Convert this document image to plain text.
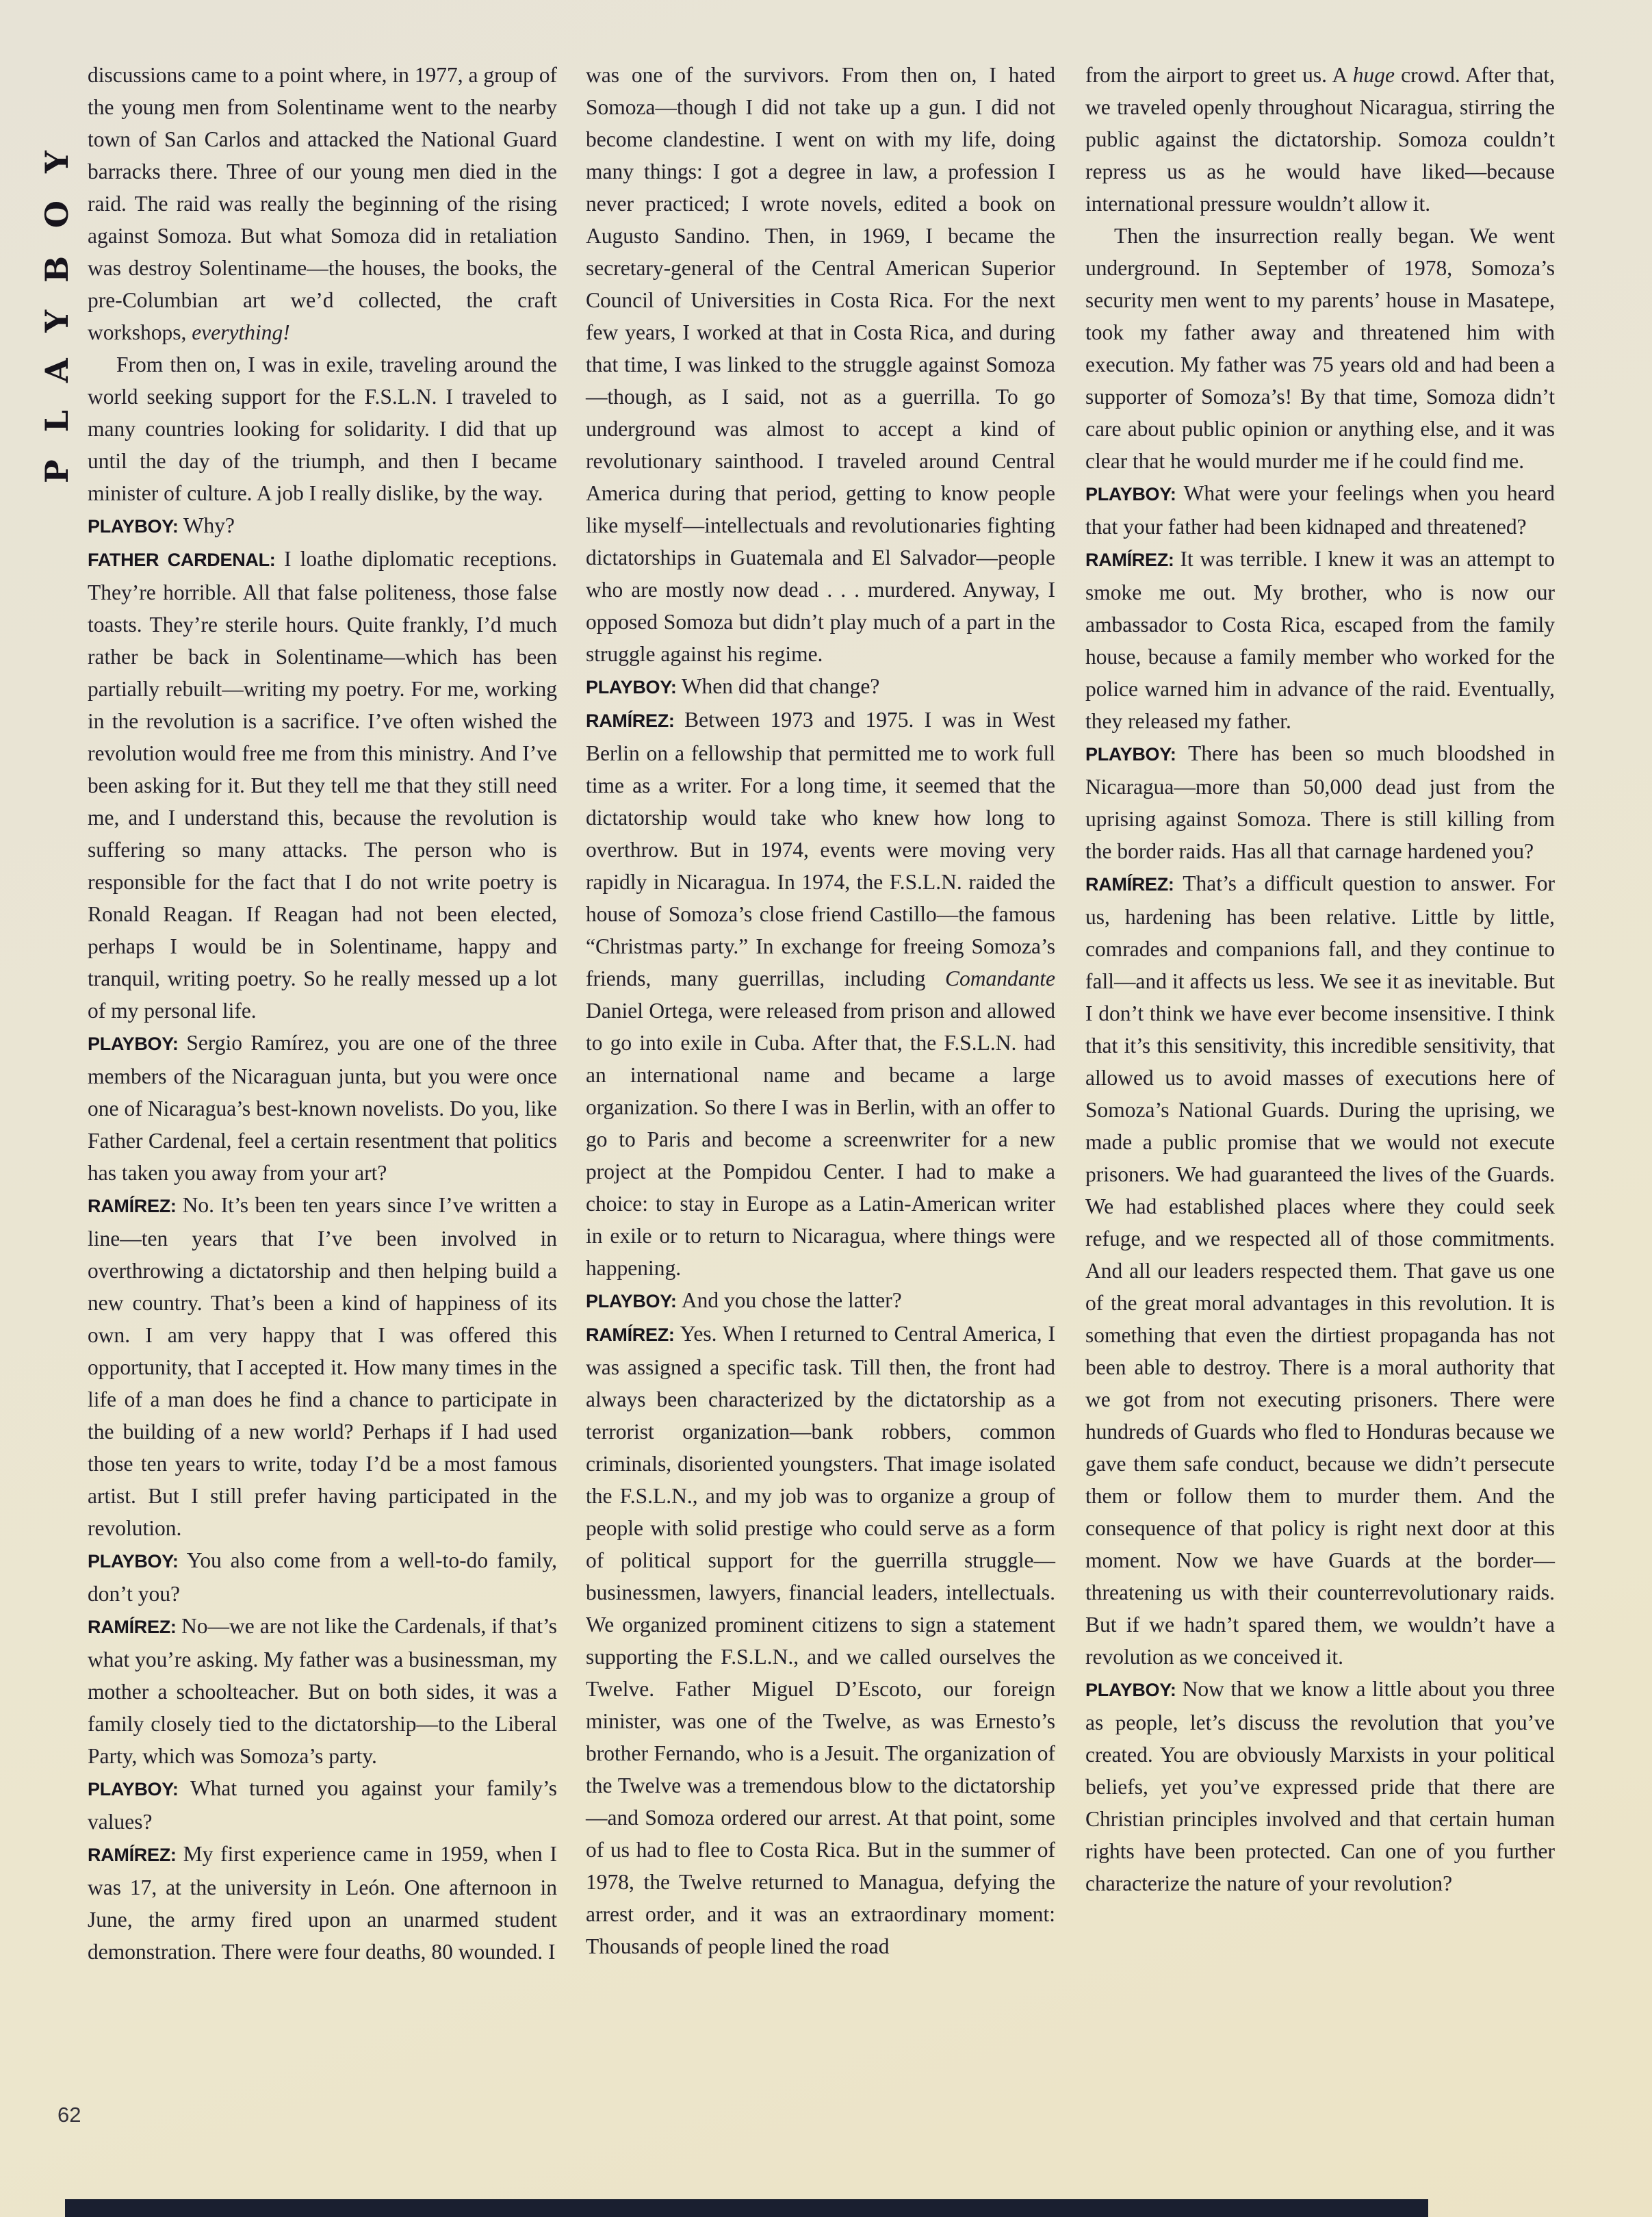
PLAYBOY

discussions came to a point where, in 1977, a group of the young men from Solentiname went to the nearby town of San Carlos and attacked the National Guard barracks there. Three of our young men died in the raid. The raid was really the beginning of the rising against Somoza. But what Somoza did in retaliation was destroy Solentiname—the houses, the books, the pre-Columbian art we’d collected, the craft workshops, everything!

From then on, I was in exile, traveling around the world seeking support for the F.S.L.N. I traveled to many countries looking for solidarity. I did that up until the day of the triumph, and then I became minister of culture. A job I really dislike, by the way.

PLAYBOY: Why?

FATHER CARDENAL: I loathe diplomatic receptions. They’re horrible. All that false politeness, those false toasts. They’re sterile hours. Quite frankly, I’d much rather be back in Solentiname—which has been partially rebuilt—writing my poetry. For me, working in the revolution is a sacrifice. I’ve often wished the revolution would free me from this ministry. And I’ve been asking for it. But they tell me that they still need me, and I understand this, because the revolution is suffering so many attacks. The person who is responsible for the fact that I do not write poetry is Ronald Reagan. If Reagan had not been elected, perhaps I would be in Solentiname, happy and tranquil, writing poetry. So he really messed up a lot of my personal life.

PLAYBOY: Sergio Ramírez, you are one of the three members of the Nicaraguan junta, but you were once one of Nicaragua’s best-known novelists. Do you, like Father Cardenal, feel a certain resentment that politics has taken you away from your art?

RAMÍREZ: No. It’s been ten years since I’ve written a line—ten years that I’ve been involved in overthrowing a dictatorship and then helping build a new country. That’s been a kind of happiness of its own. I am very happy that I was offered this opportunity, that I accepted it. How many times in the life of a man does he find a chance to participate in the building of a new world? Perhaps if I had used those ten years to write, today I’d be a most famous artist. But I still prefer having participated in the revolution.

PLAYBOY: You also come from a well-to-do family, don’t you?

RAMÍREZ: No—we are not like the Cardenals, if that’s what you’re asking. My father was a businessman, my mother a schoolteacher. But on both sides, it was a family closely tied to the dictatorship—to the Liberal Party, which was Somoza’s party.

PLAYBOY: What turned you against your family’s values?

RAMÍREZ: My first experience came in 1959, when I was 17, at the university in León. One afternoon in June, the army fired upon an unarmed student demonstration. There were four deaths, 80 wounded. I

was one of the survivors. From then on, I hated Somoza—though I did not take up a gun. I did not become clandestine. I went on with my life, doing many things: I got a degree in law, a profession I never practiced; I wrote novels, edited a book on Augusto Sandino. Then, in 1969, I became the secretary-general of the Central American Superior Council of Universities in Costa Rica. For the next few years, I worked at that in Costa Rica, and during that time, I was linked to the struggle against Somoza—though, as I said, not as a guerrilla. To go underground was almost to accept a kind of revolutionary sainthood. I traveled around Central America during that period, getting to know people like myself—intellectuals and revolutionaries fighting dictatorships in Guatemala and El Salvador—people who are mostly now dead . . . murdered. Anyway, I opposed Somoza but didn’t play much of a part in the struggle against his regime.

PLAYBOY: When did that change?

RAMÍREZ: Between 1973 and 1975. I was in West Berlin on a fellowship that permitted me to work full time as a writer. For a long time, it seemed that the dictatorship would take who knew how long to overthrow. But in 1974, events were moving very rapidly in Nicaragua. In 1974, the F.S.L.N. raided the house of Somoza’s close friend Castillo—the famous “Christmas party.” In exchange for freeing Somoza’s friends, many guerrillas, including Comandante Daniel Ortega, were released from prison and allowed to go into exile in Cuba. After that, the F.S.L.N. had an international name and became a large organization. So there I was in Berlin, with an offer to go to Paris and become a screenwriter for a new project at the Pompidou Center. I had to make a choice: to stay in Europe as a Latin-American writer in exile or to return to Nicaragua, where things were happening.

PLAYBOY: And you chose the latter?

RAMÍREZ: Yes. When I returned to Central America, I was assigned a specific task. Till then, the front had always been characterized by the dictatorship as a terrorist organization—bank robbers, common criminals, disoriented youngsters. That image isolated the F.S.L.N., and my job was to organize a group of people with solid prestige who could serve as a form of political support for the guerrilla struggle—businessmen, lawyers, financial leaders, intellectuals. We organized prominent citizens to sign a statement supporting the F.S.L.N., and we called ourselves the Twelve. Father Miguel D’Escoto, our foreign minister, was one of the Twelve, as was Ernesto’s brother Fernando, who is a Jesuit. The organization of the Twelve was a tremendous blow to the dictatorship—and Somoza ordered our arrest. At that point, some of us had to flee to Costa Rica. But in the summer of 1978, the Twelve returned to Managua, defying the arrest order, and it was an extraordinary moment: Thousands of people lined the road

from the airport to greet us. A huge crowd. After that, we traveled openly throughout Nicaragua, stirring the public against the dictatorship. Somoza couldn’t repress us as he would have liked—because international pressure wouldn’t allow it.

Then the insurrection really began. We went underground. In September of 1978, Somoza’s security men went to my parents’ house in Masatepe, took my father away and threatened him with execution. My father was 75 years old and had been a supporter of Somoza’s! By that time, Somoza didn’t care about public opinion or anything else, and it was clear that he would murder me if he could find me.

PLAYBOY: What were your feelings when you heard that your father had been kidnaped and threatened?

RAMÍREZ: It was terrible. I knew it was an attempt to smoke me out. My brother, who is now our ambassador to Costa Rica, escaped from the family house, because a family member who worked for the police warned him in advance of the raid. Eventually, they released my father.

PLAYBOY: There has been so much bloodshed in Nicaragua—more than 50,000 dead just from the uprising against Somoza. There is still killing from the border raids. Has all that carnage hardened you?

RAMÍREZ: That’s a difficult question to answer. For us, hardening has been relative. Little by little, comrades and companions fall, and they continue to fall—and it affects us less. We see it as inevitable. But I don’t think we have ever become insensitive. I think that it’s this sensitivity, this incredible sensitivity, that allowed us to avoid masses of executions here of Somoza’s National Guards. During the uprising, we made a public promise that we would not execute prisoners. We had guaranteed the lives of the Guards. We had established places where they could seek refuge, and we respected all of those commitments. And all our leaders respected them. That gave us one of the great moral advantages in this revolution. It is something that even the dirtiest propaganda has not been able to destroy. There is a moral authority that we got from not executing prisoners. There were hundreds of Guards who fled to Honduras because we gave them safe conduct, because we didn’t persecute them or follow them to murder them. And the consequence of that policy is right next door at this moment. Now we have Guards at the border—threatening us with their counterrevolutionary raids. But if we hadn’t spared them, we wouldn’t have a revolution as we conceived it.

PLAYBOY: Now that we know a little about you three as people, let’s discuss the revolution that you’ve created. You are obviously Marxists in your political beliefs, yet you’ve expressed pride that there are Christian principles involved and that certain human rights have been protected. Can one of you further characterize the nature of your revolution?

62
